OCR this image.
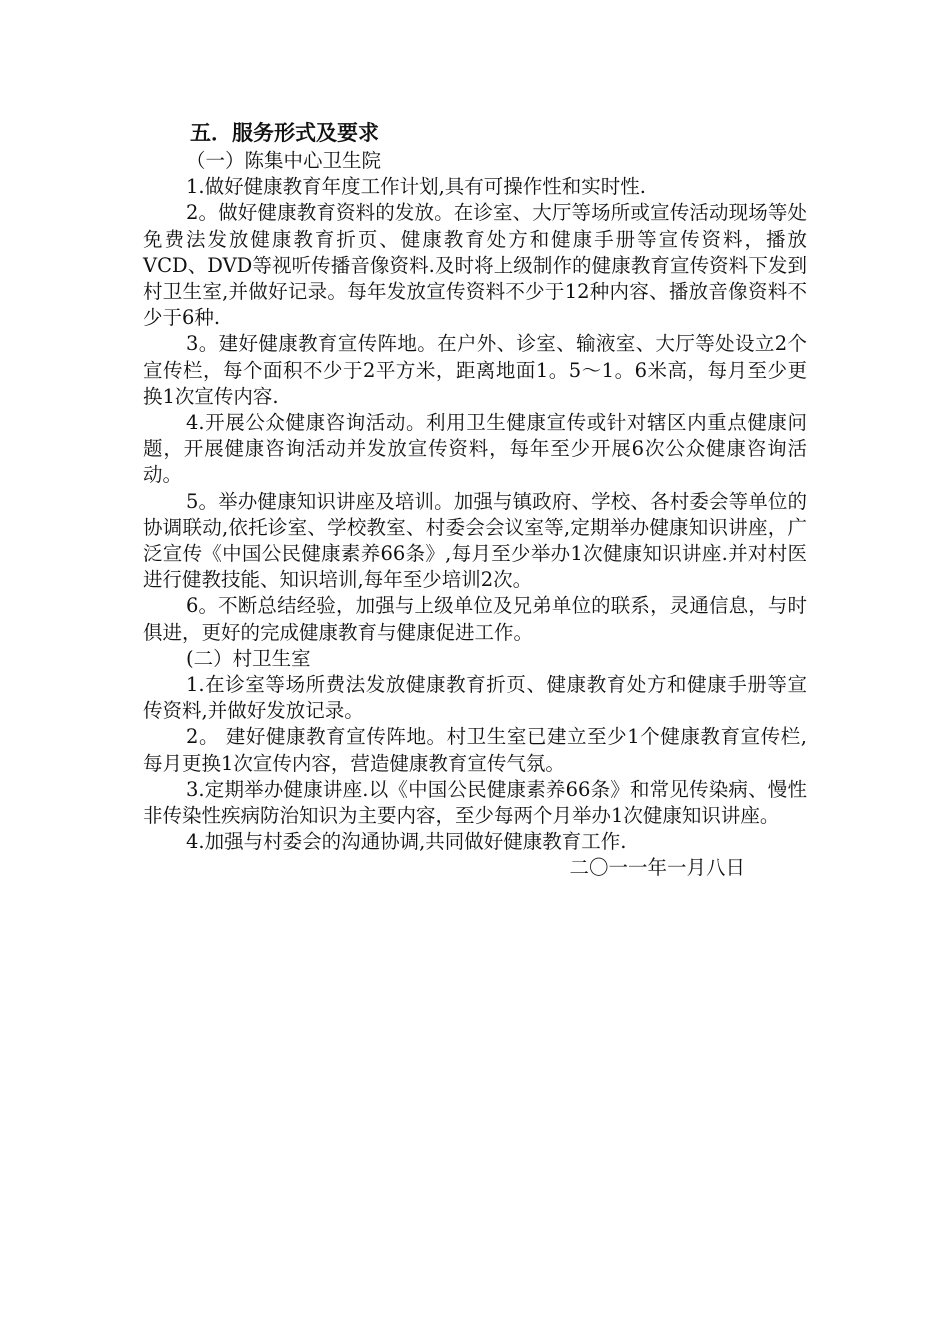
五．服务形式及要求

（一）陈集中心卫生院

1.做好健康教育年度工作计划,具有可操作性和实时性.

2。做好健康教育资料的发放。在诊室、大厅等场所或宣传活动现场等处免费法发放健康教育折页、健康教育处方和健康手册等宣传资料，播放VCD、DVD等视听传播音像资料.及时将上级制作的健康教育宣传资料下发到村卫生室,并做好记录。每年发放宣传资料不少于12种内容、播放音像资料不少于6种.

3。建好健康教育宣传阵地。在户外、诊室、输液室、大厅等处设立2个宣传栏，每个面积不少于2平方米，距离地面1。5～1。6米高，每月至少更换1次宣传内容.

4.开展公众健康咨询活动。利用卫生健康宣传或针对辖区内重点健康问题，开展健康咨询活动并发放宣传资料，每年至少开展6次公众健康咨询活动。

5。举办健康知识讲座及培训。加强与镇政府、学校、各村委会等单位的协调联动,依托诊室、学校教室、村委会会议室等,定期举办健康知识讲座，广泛宣传《中国公民健康素养66条》,每月至少举办1次健康知识讲座.并对村医进行健教技能、知识培训,每年至少培训2次。

6。不断总结经验，加强与上级单位及兄弟单位的联系，灵通信息，与时俱进，更好的完成健康教育与健康促进工作。

(二）村卫生室

1.在诊室等场所费法发放健康教育折页、健康教育处方和健康手册等宣传资料,并做好发放记录。

2。 建好健康教育宣传阵地。村卫生室已建立至少1个健康教育宣传栏,每月更换1次宣传内容，营造健康教育宣传气氛。

3.定期举办健康讲座.以《中国公民健康素养66条》和常见传染病、慢性非传染性疾病防治知识为主要内容，至少每两个月举办1次健康知识讲座。

4.加强与村委会的沟通协调,共同做好健康教育工作.

二〇一一年一月八日
